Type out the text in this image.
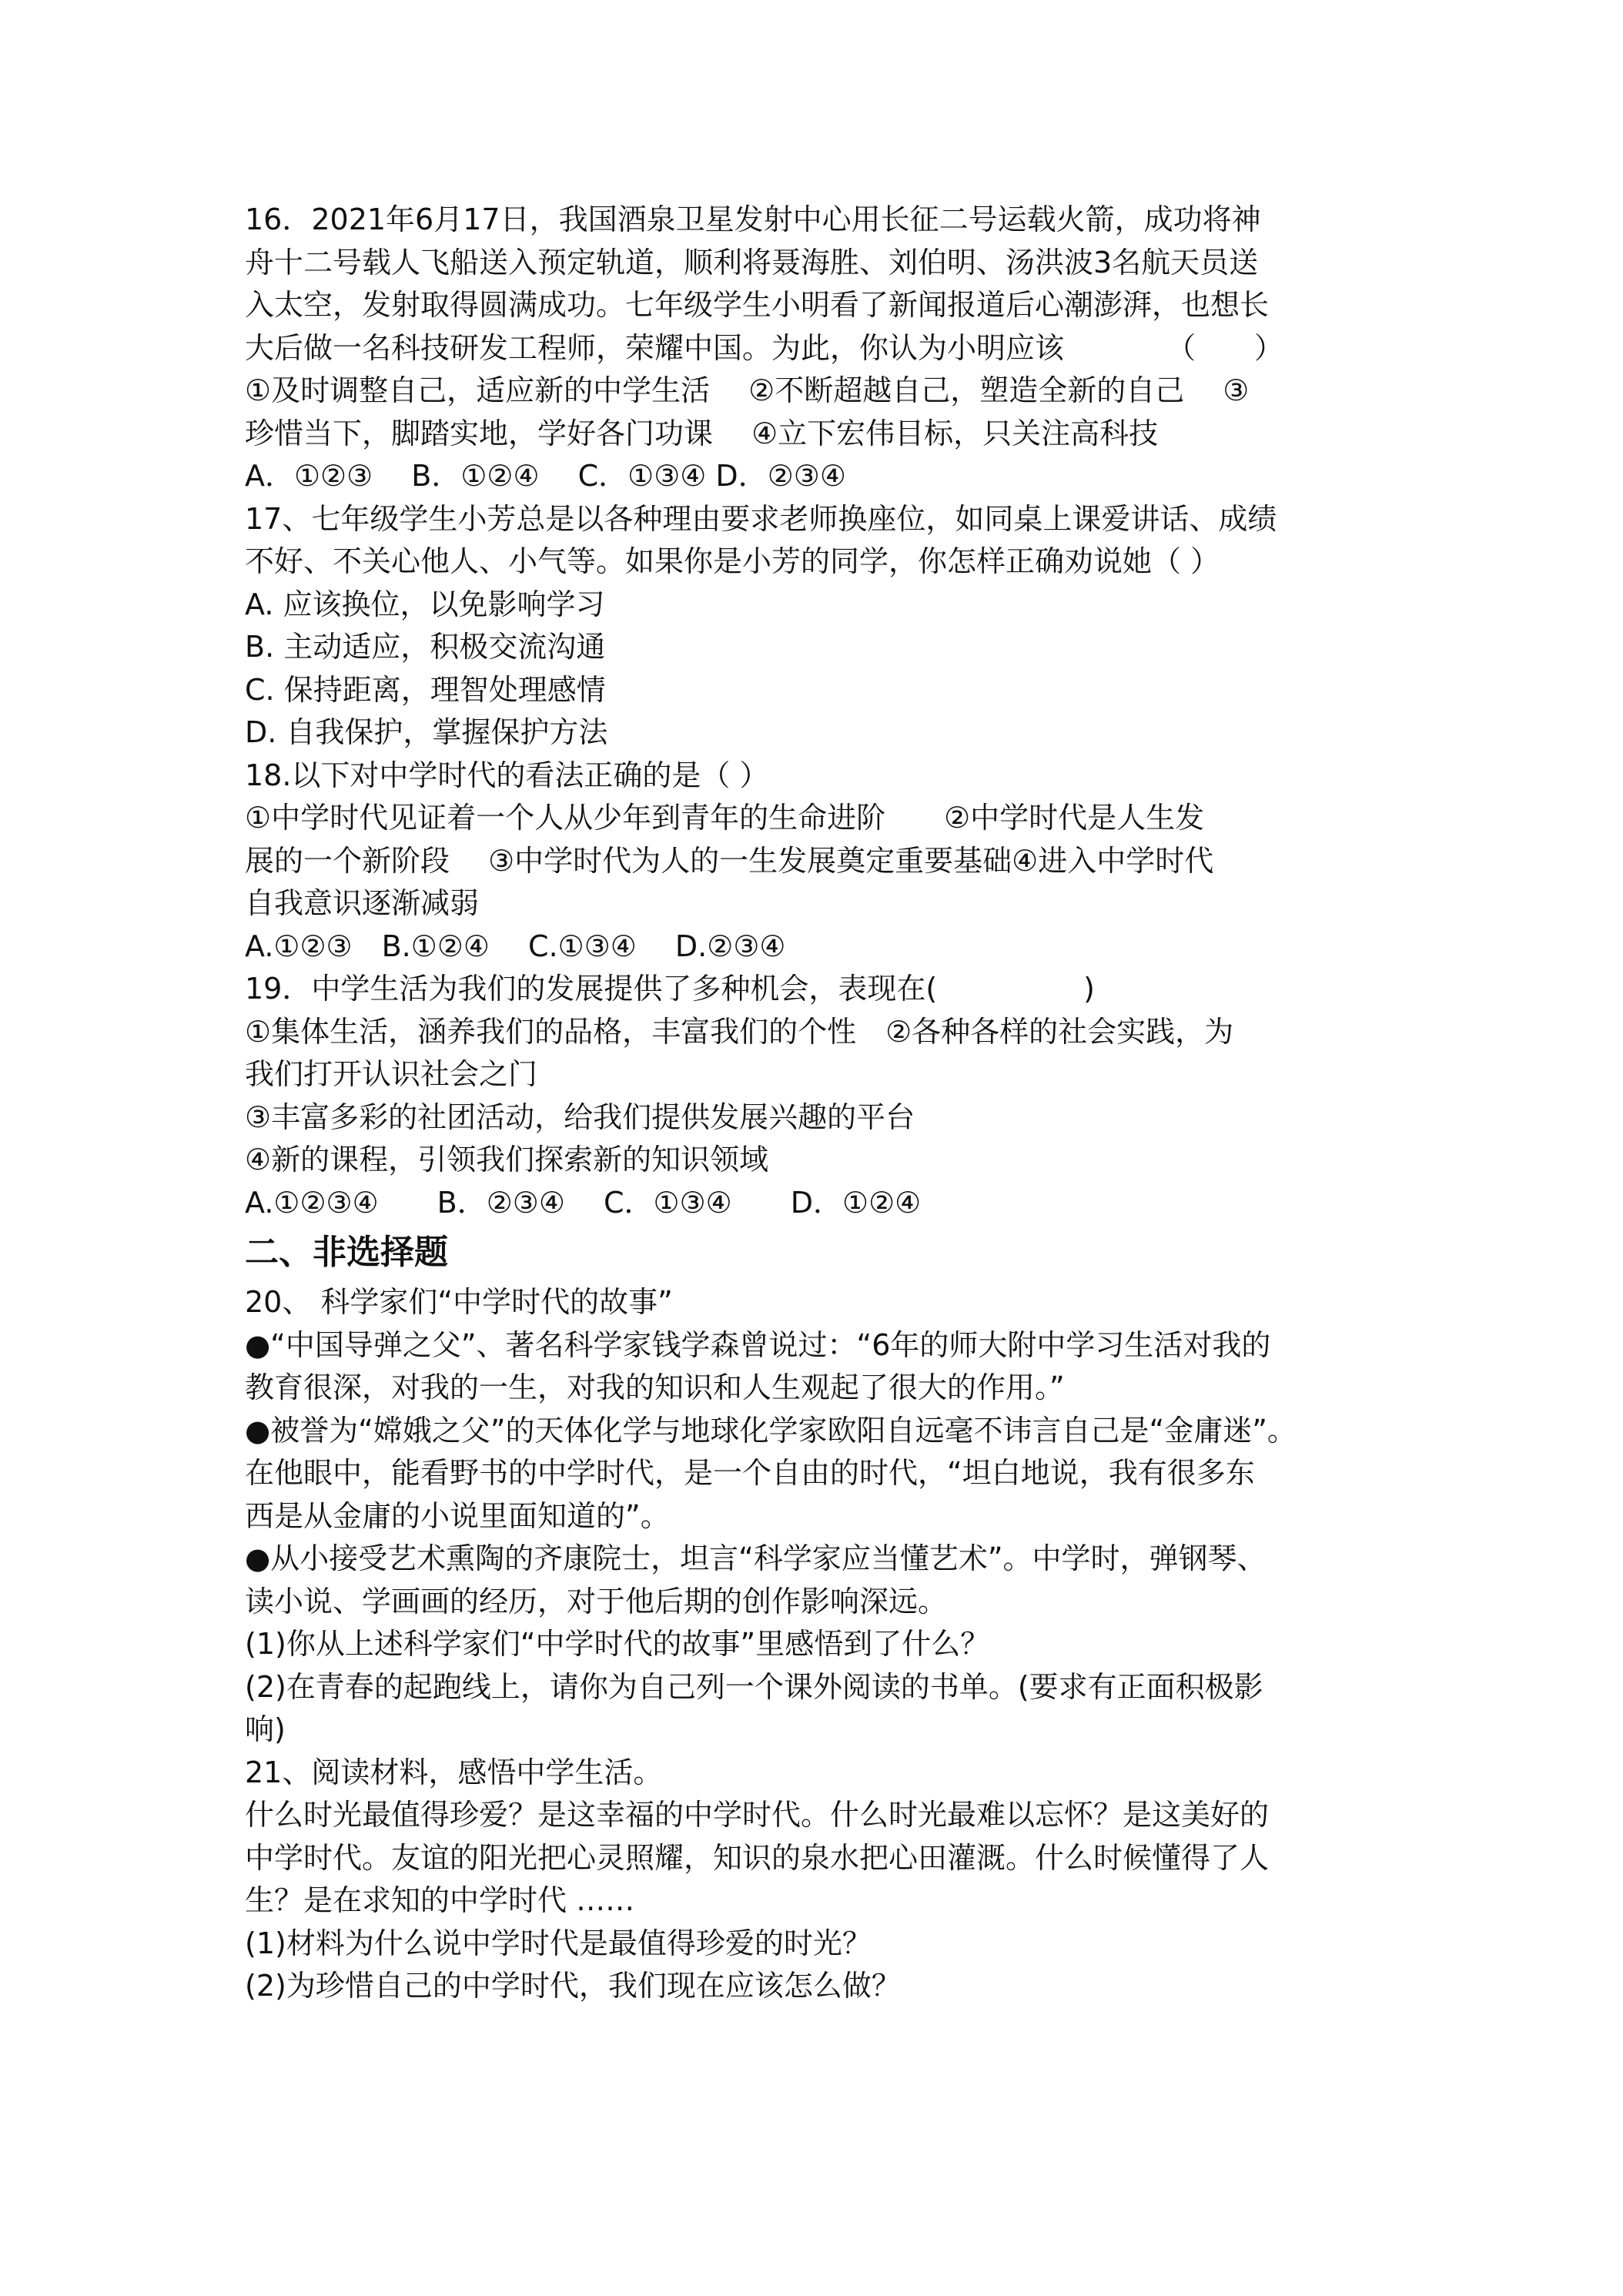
16．2021年6月17日，我国酒泉卫星发射中心用长征二号运载火箭，成功将神
舟十二号载人飞船送入预定轨道，顺利将聂海胜、刘伯明、汤洪波3名航天员送
入太空，发射取得圆满成功。七年级学生小明看了新闻报道后心潮澎湃，也想长
大后做一名科技研发工程师，荣耀中国。为此，你认为小明应该　　　　（　　）
①及时调整自己，适应新的中学生活　 ②不断超越自己，塑造全新的自己　 ③
珍惜当下，脚踏实地，学好各门功课　 ④立下宏伟目标，只关注高科技
A．①②③　 B．①②④　 C．①③④ D．②③④
17、七年级学生小芳总是以各种理由要求老师换座位，如同桌上课爱讲话、成绩
不好、不关心他人、小气等。如果你是小芳的同学，你怎样正确劝说她（ ）
A. 应该换位，以免影响学习
B. 主动适应，积极交流沟通
C. 保持距离，理智处理感情
D. 自我保护，掌握保护方法
18.以下对中学时代的看法正确的是（ ）
①中学时代见证着一个人从少年到青年的生命进阶　　②中学时代是人生发
展的一个新阶段　 ③中学时代为人的一生发展奠定重要基础④进入中学时代
自我意识逐渐减弱
A.①②③　B.①②④　 C.①③④　 D.②③④
19．中学生活为我们的发展提供了多种机会，表现在(　　　　　)
①集体生活，涵养我们的品格，丰富我们的个性　②各种各样的社会实践，为
我们打开认识社会之门
③丰富多彩的社团活动，给我们提供发展兴趣的平台
④新的课程，引领我们探索新的知识领域
A.①②③④　　B．②③④　 C．①③④　　D．①②④
二、非选择题
20、 科学家们“中学时代的故事”
●“中国导弹之父”、著名科学家钱学森曾说过：“6年的师大附中学习生活对我的
教育很深，对我的一生，对我的知识和人生观起了很大的作用。”
●被誉为“嫦娥之父”的天体化学与地球化学家欧阳自远毫不讳言自己是“金庸迷”。
在他眼中，能看野书的中学时代，是一个自由的时代，“坦白地说，我有很多东
西是从金庸的小说里面知道的”。
●从小接受艺术熏陶的齐康院士，坦言“科学家应当懂艺术”。中学时，弹钢琴、
读小说、学画画的经历，对于他后期的创作影响深远。
(1)你从上述科学家们“中学时代的故事”里感悟到了什么？
(2)在青春的起跑线上，请你为自己列一个课外阅读的书单。(要求有正面积极影
响)
21、阅读材料，感悟中学生活。
什么时光最值得珍爱？是这幸福的中学时代。什么时光最难以忘怀？是这美好的
中学时代。友谊的阳光把心灵照耀，知识的泉水把心田灌溉。什么时候懂得了人
生？是在求知的中学时代 ……
(1)材料为什么说中学时代是最值得珍爱的时光？
(2)为珍惜自己的中学时代，我们现在应该怎么做？
